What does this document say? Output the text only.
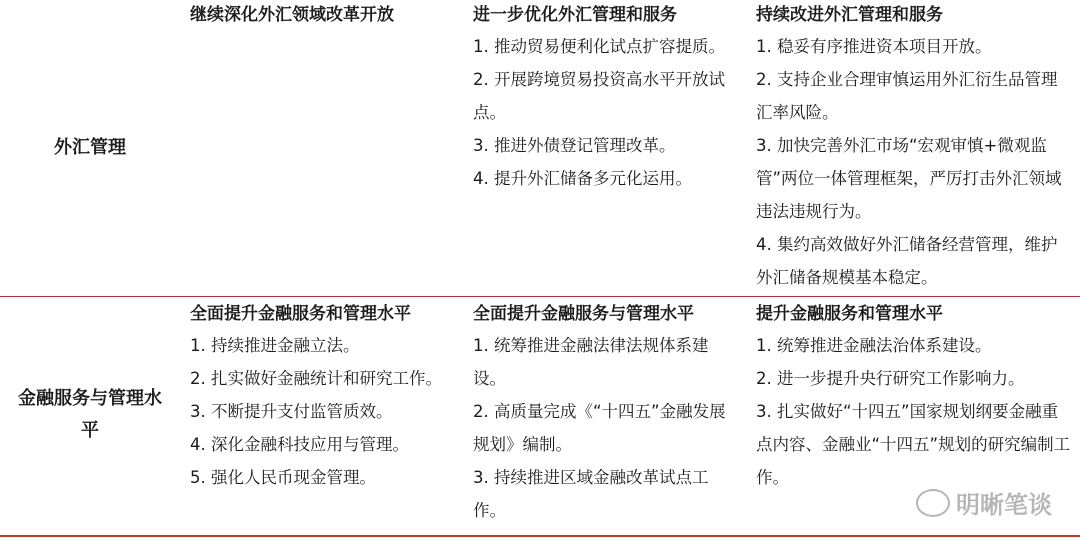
外汇管理
继续深化外汇领域改革开放	进一步优化外汇管理和服务

1. 推动贸易便利化试点扩容提质。

2. 开展跨境贸易投资高水平开放试点。

3. 推进外债登记管理改革。

4. 提升外汇储备多元化运用。

持续改进外汇管理和服务

1. 稳妥有序推进资本项目开放。

2. 支持企业合理审慎运用外汇衍生品管理汇率风险。

3. 加快完善外汇市场“宏观审慎+微观监管”两位一体管理框架，严厉打击外汇领域违法违规行为。

4. 集约高效做好外汇储备经营管理，维护外汇储备规模基本稳定。

金融服务与管理水平
全面提升金融服务和管理水平

1. 持续推进金融立法。

2. 扎实做好金融统计和研究工作。

3. 不断提升支付监管质效。

4. 深化金融科技应用与管理。

5. 强化人民币现金管理。

全面提升金融服务与管理水平

1. 统筹推进金融法律法规体系建设。

2. 高质量完成《“十四五”金融发展规划》编制。

3. 持续推进区域金融改革试点工作。

提升金融服务和管理水平

1. 统筹推进金融法治体系建设。

2. 进一步提升央行研究工作影响力。

3. 扎实做好“十四五”国家规划纲要金融重点内容、金融业“十四五”规划的研究编制工作。

明晰笔谈
